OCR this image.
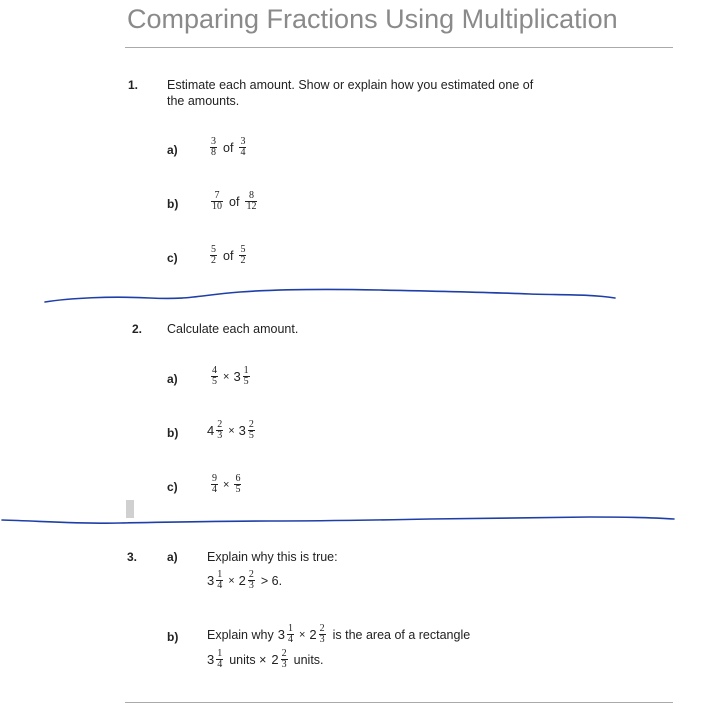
Comparing Fractions Using Multiplication
1. Estimate each amount. Show or explain how you estimated one of
the amounts.
a)	$\frac{3}{8}$ of $\frac{3}{4}$
b)	$\frac{7}{10}$ of $\frac{8}{12}$
c)	$\frac{5}{2}$ of $\frac{5}{2}$
2. Calculate each amount.
a)	$\frac{4}{5} \times 3 \frac{1}{5}$
b) $4 \frac{2}{3} \times 3 \frac{2}{5}$
c)	$\frac{9}{4} \times \frac{6}{5}$
3. a) Explain why this is true:
$3 \frac{1}{4} \times 2 \frac{2}{3} > 6$.
b) Explain why $3 \frac{1}{4} \times 2 \frac{2}{3}$ is the area of a rectangle
$3 \frac{1}{4}$ units × $2 \frac{2}{3}$ units.
